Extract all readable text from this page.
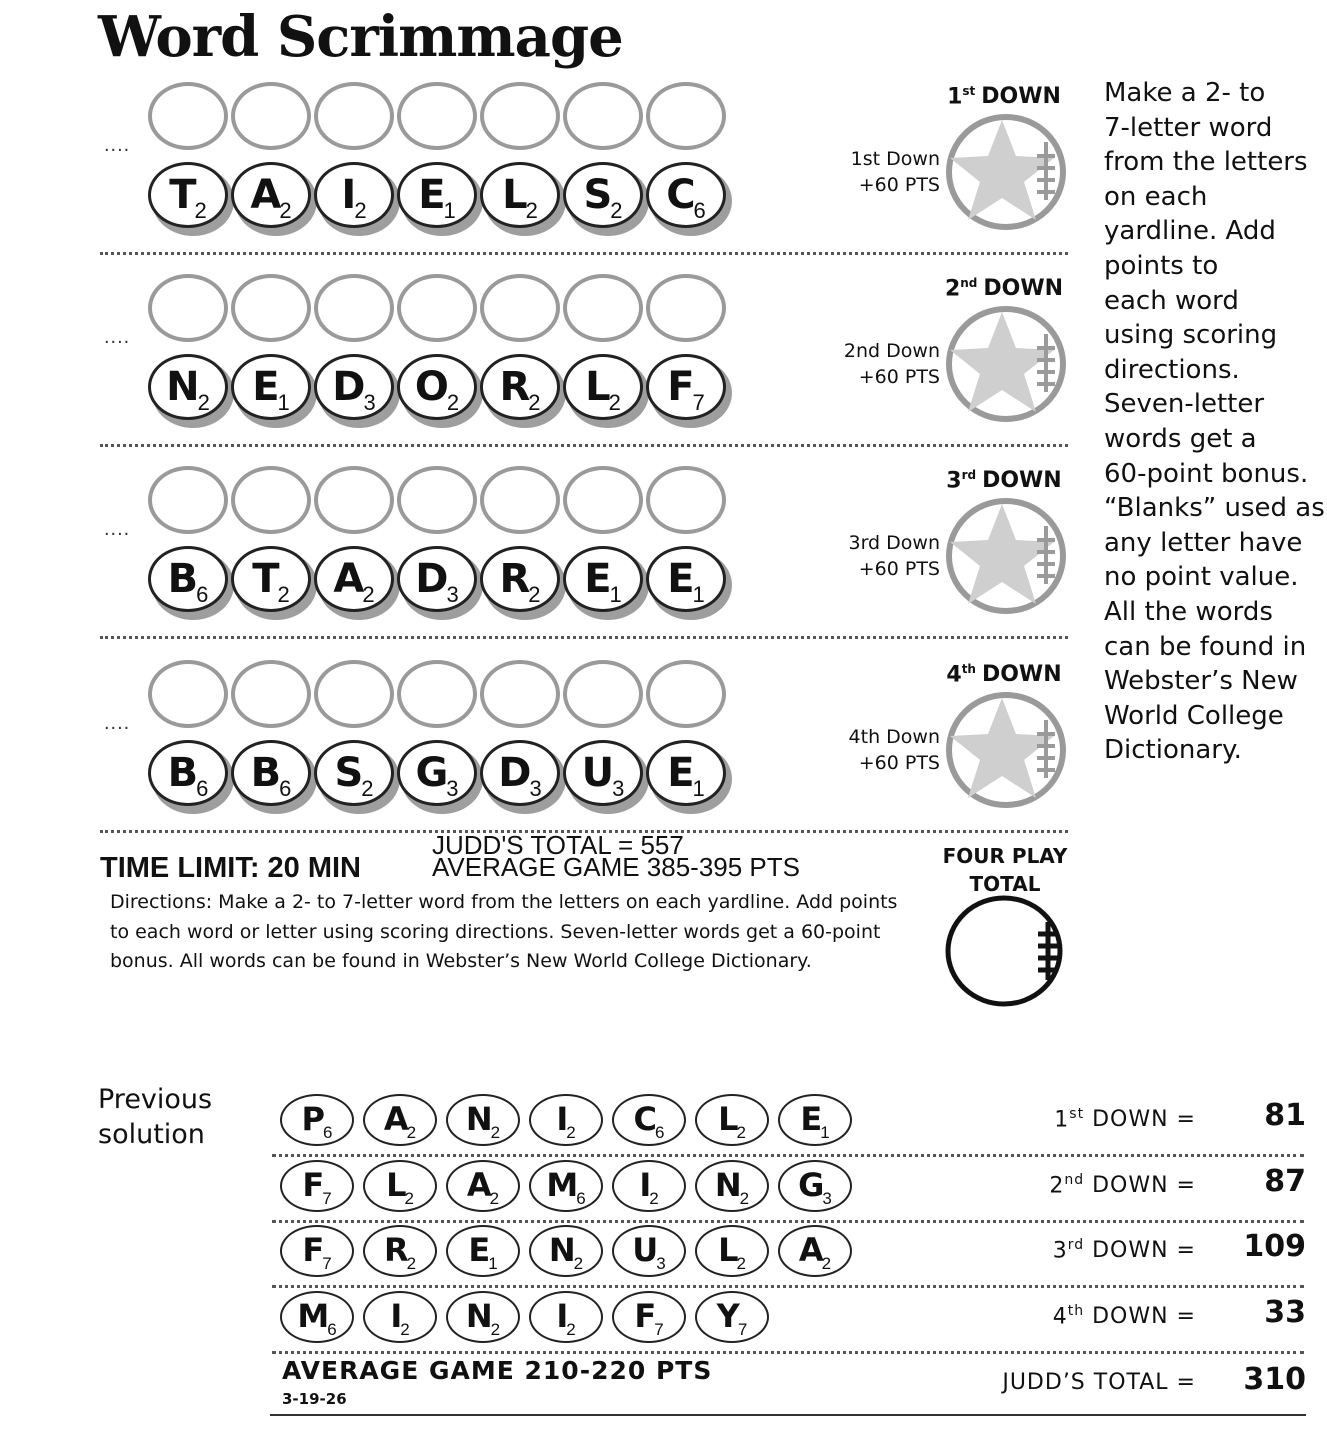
Word Scrimmage
....
T2	A2	I2	E1	L2	S2	C6
1st DOWN
1st Down
+60 PTS
....
N2	E1	D3 O2	R2	L2	F7
2nd DOWN
2nd Down
+60 PTS
....
B6	T2	A2	D3	R2	E1	E1
3rd DOWN
3rd Down
+60 PTS
....
B6	B6	S2	G3 D3 U3	E1
4th DOWN
4th Down
+60 PTS
Make a 2- to
7-letter word
from the letters
on each
yardline. Add
points to
each word
using scoring
directions.
Seven-letter
words get a
60-point bonus.
“Blanks” used as
any letter have
no point value.
All the words
can be found in
Webster’s New
World College
Dictionary.
JUDD'S TOTAL = 557
AVERAGE GAME 385-395 PTS
TIME LIMIT: 20 MIN
Directions: Make a 2- to 7-letter word from the letters on each yardline. Add points
to each word or letter using scoring directions. Seven-letter words get a 60-point
bonus. All words can be found in Webster’s New World College Dictionary.
FOUR PLAY
TOTAL
Previous
solution	P6	A2	N2	I2	C6	L2	E1
1st DOWN =	81
F7	L2	A2	M6	I2	N2	G3
2nd DOWN =	87
F7	R2	E1	N2	U3	L2	A2
3rd DOWN =	109
M6	I2	N2	I2	F7	Y7
4th DOWN =	33
AVERAGE GAME 210-220 PTS
3-19-26
JUDD’S TOTAL =	310
